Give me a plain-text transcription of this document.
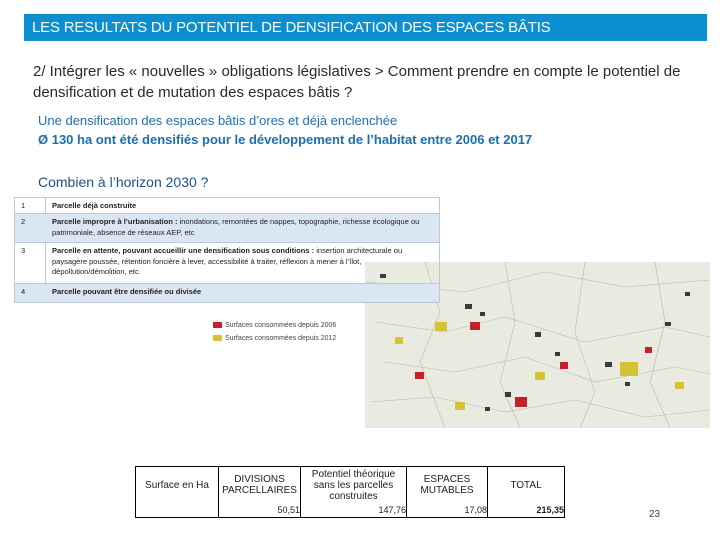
LES RESULTATS DU POTENTIEL DE DENSIFICATION DES ESPACES BÂTIS
2/ Intégrer les « nouvelles » obligations législatives > Comment prendre en compte le potentiel de densification et de mutation des espaces bâtis ?
Une densification des espaces bâtis d’ores et déjà enclenchée
Ø 130 ha ont été densifiés pour le développement de l’habitat entre 2006 et 2017
Combien à l’horizon 2030 ?
Surfaces consommées depuis 2006
Surfaces consommées depuis 2012
1	Parcelle déjà construite
2	Parcelle impropre à l’urbanisation : inondations, remontées de nappes, topographie, richesse écologique ou patrimoniale, absence de réseaux AEP, etc
3	Parcelle en attente, pouvant accueillir une densification sous conditions : insertion architecturale ou paysagère poussée, rétention foncière à lever, accessibilité à traiter, réflexion à mener à l’îlot, dépollution/démolition, etc.
4	Parcelle pouvant être densifiée ou divisée
Surface en Ha	DIVISIONS PARCELLAIRES	Potentiel théorique sans les parcelles construites	ESPACES MUTABLES	TOTAL
	50,51	147,76	17,08	215,35	23
